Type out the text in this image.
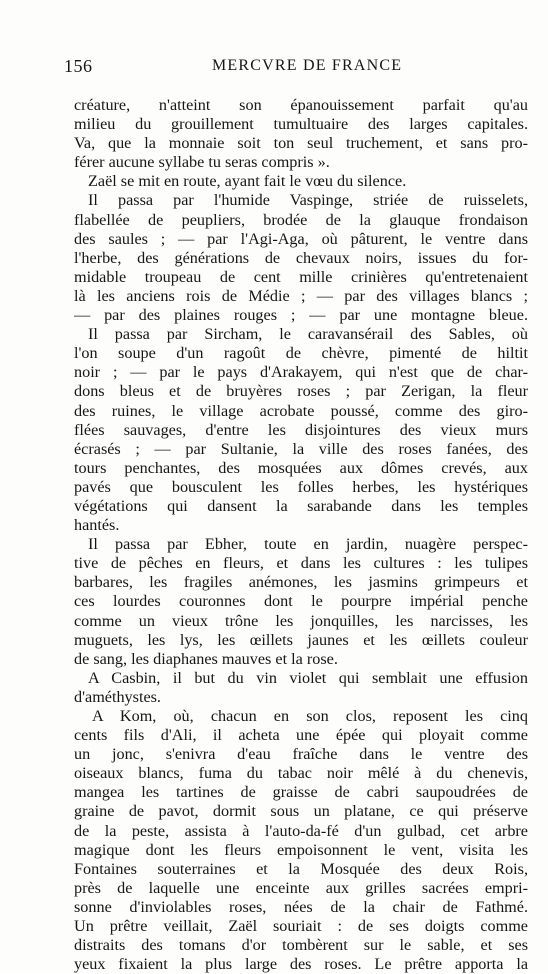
156	MERCVRE DE FRANCE
créature, n'atteint son épanouissement parfait qu'au
milieu du grouillement tumultuaire des larges capitales.
Va, que la monnaie soit ton seul truchement, et sans pro-
férer aucune syllabe tu seras compris ».
Zaël se mit en route, ayant fait le vœu du silence.
Il passa par l'humide Vaspinge, striée de ruisselets,
flabellée de peupliers, brodée de la glauque frondaison
des saules ; — par l'Agi-Aga, où pâturent, le ventre dans
l'herbe, des générations de chevaux noirs, issues du for-
midable troupeau de cent mille crinières qu'entretenaient
là les anciens rois de Médie ; — par des villages blancs ;
— par des plaines rouges ; — par une montagne bleue.
Il passa par Sircham, le caravansérail des Sables, où
l'on soupe d'un ragoût de chèvre, pimenté de hiltit
noir ; — par le pays d'Arakayem, qui n'est que de char-
dons bleus et de bruyères roses ; par Zerigan, la fleur
des ruines, le village acrobate poussé, comme des giro-
flées sauvages, d'entre les disjointures des vieux murs
écrasés ; — par Sultanie, la ville des roses fanées, des
tours penchantes, des mosquées aux dômes crevés, aux
pavés que bousculent les folles herbes, les hystériques
végétations qui dansent la sarabande dans les temples
hantés.
Il passa par Ebher, toute en jardin, nuagère perspec-
tive de pêches en fleurs, et dans les cultures : les tulipes
barbares, les fragiles anémones, les jasmins grimpeurs et
ces lourdes couronnes dont le pourpre impérial penche
comme un vieux trône les jonquilles, les narcisses, les
muguets, les lys, les œillets jaunes et les œillets couleur
de sang, les diaphanes mauves et la rose.
A Casbin, il but du vin violet qui semblait une effusion
d'améthystes.
A Kom, où, chacun en son clos, reposent les cinq
cents fils d'Ali, il acheta une épée qui ployait comme
un jonc, s'enivra d'eau fraîche dans le ventre des
oiseaux blancs, fuma du tabac noir mêlé à du chenevis,
mangea les tartines de graisse de cabri saupoudrées de
graine de pavot, dormit sous un platane, ce qui préserve
de la peste, assista à l'auto-da-fé d'un gulbad, cet arbre
magique dont les fleurs empoisonnent le vent, visita les
Fontaines souterraines et la Mosquée des deux Rois,
près de laquelle une enceinte aux grilles sacrées empri-
sonne d'inviolables roses, nées de la chair de Fathmé.
Un prêtre veillait, Zaël souriait : de ses doigts comme
distraits des tomans d'or tombèrent sur le sable, et ses
yeux fixaient la plus large des roses. Le prêtre apporta la
